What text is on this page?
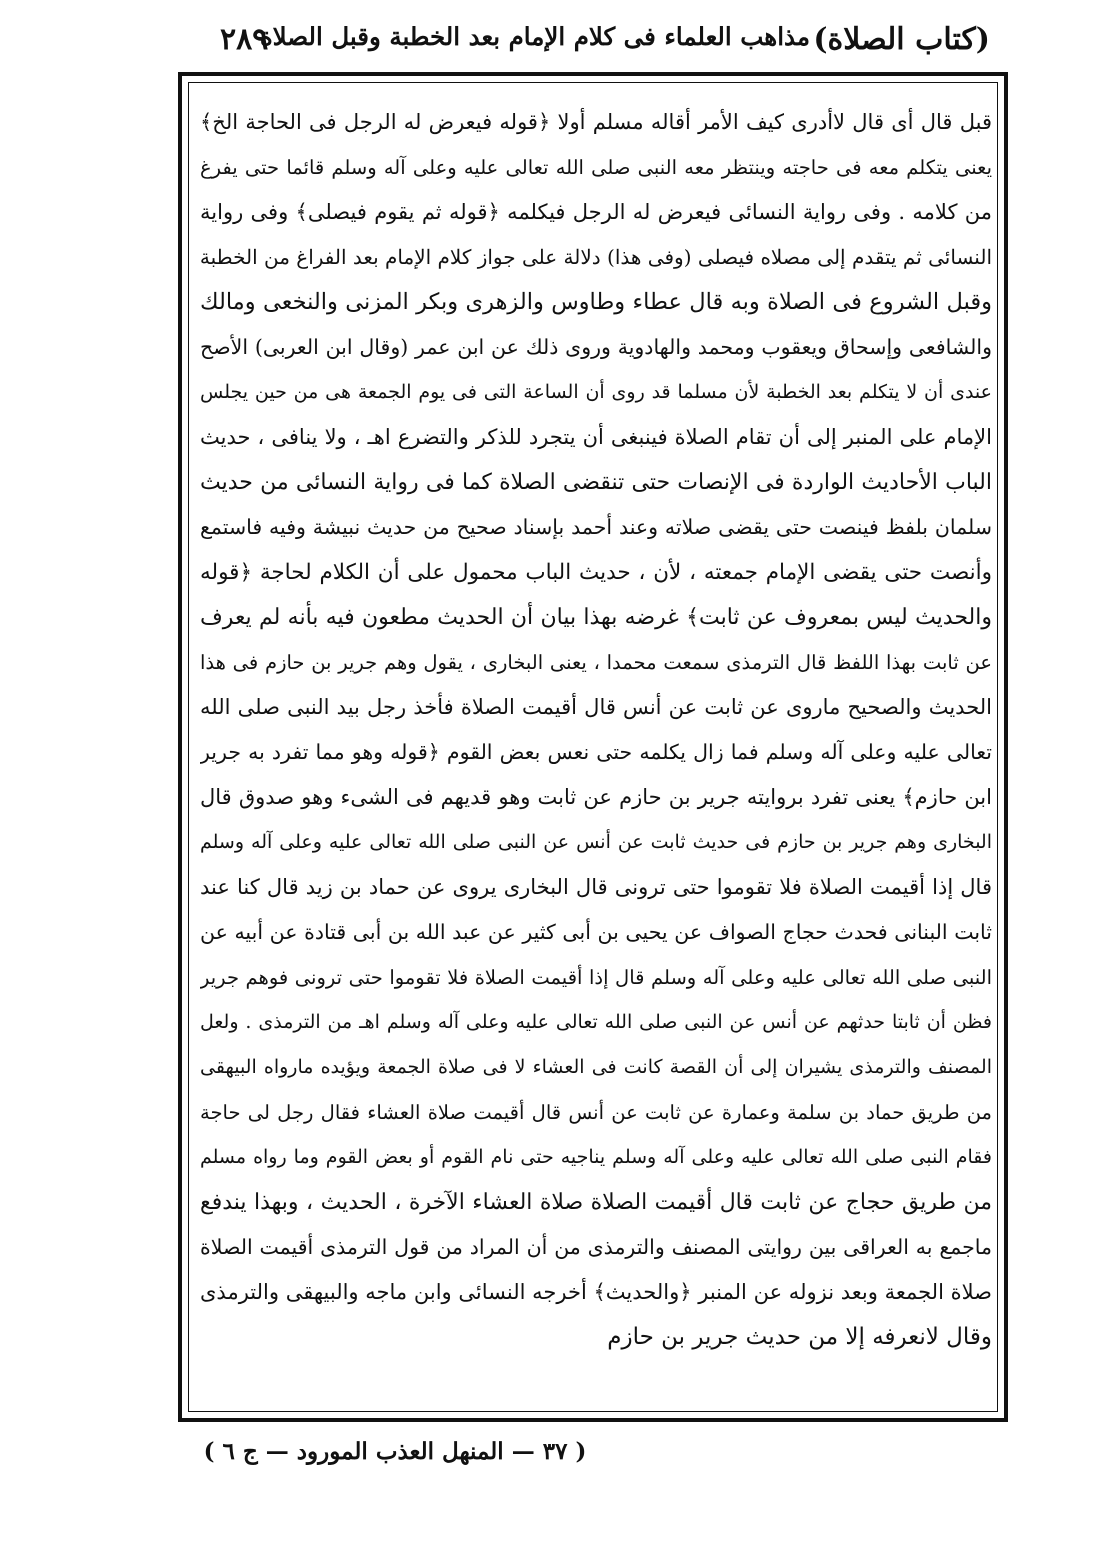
(كتاب الصلاة)
مذاهب العلماء فى كلام الإمام بعد الخطبة وقبل الصلاة
٢٨٩
قبل قال أى قال لاأدرى كيف الأمر أقاله مسلم أولا ﴿قوله فيعرض له الرجل فى الحاجة الخ﴾
يعنى يتكلم معه فى حاجته وينتظر معه النبى صلى الله تعالى عليه وعلى آله وسلم قائما حتى يفرغ
من كلامه . وفى رواية النسائى فيعرض له الرجل فيكلمه ﴿قوله ثم يقوم فيصلى﴾ وفى رواية
النسائى ثم يتقدم إلى مصلاه فيصلى (وفى هذا) دلالة على جواز كلام الإمام بعد الفراغ من الخطبة
وقبل الشروع فى الصلاة وبه قال عطاء وطاوس والزهرى وبكر المزنى والنخعى ومالك
والشافعى وإسحاق ويعقوب ومحمد والهادوية وروى ذلك عن ابن عمر (وقال ابن العربى) الأصح
عندى أن لا يتكلم بعد الخطبة لأن مسلما قد روى أن الساعة التى فى يوم الجمعة هى من حين يجلس
الإمام على المنبر إلى أن تقام الصلاة فينبغى أن يتجرد للذكر والتضرع اهـ ، ولا ينافى ، حديث
الباب الأحاديث الواردة فى الإنصات حتى تنقضى الصلاة كما فى رواية النسائى من حديث
سلمان بلفظ فينصت حتى يقضى صلاته وعند أحمد بإسناد صحيح من حديث نبيشة وفيه فاستمع
وأنصت حتى يقضى الإمام جمعته ، لأن ، حديث الباب محمول على أن الكلام لحاجة ﴿قوله
والحديث ليس بمعروف عن ثابت﴾ غرضه بهذا بيان أن الحديث مطعون فيه بأنه لم يعرف
عن ثابت بهذا اللفظ قال الترمذى سمعت محمدا ، يعنى البخارى ، يقول وهم جرير بن حازم فى هذا
الحديث والصحيح ماروى عن ثابت عن أنس قال أقيمت الصلاة فأخذ رجل بيد النبى صلى الله
تعالى عليه وعلى آله وسلم فما زال يكلمه حتى نعس بعض القوم ﴿قوله وهو مما تفرد به جرير
ابن حازم﴾ يعنى تفرد بروايته جرير بن حازم عن ثابت وهو قديهم فى الشىء وهو صدوق قال
البخارى وهم جرير بن حازم فى حديث ثابت عن أنس عن النبى صلى الله تعالى عليه وعلى آله وسلم
قال إذا أقيمت الصلاة فلا تقوموا حتى ترونى قال البخارى يروى عن حماد بن زيد قال كنا عند
ثابت البنانى فحدث حجاج الصواف عن يحيى بن أبى كثير عن عبد الله بن أبى قتادة عن أبيه عن
النبى صلى الله تعالى عليه وعلى آله وسلم قال إذا أقيمت الصلاة فلا تقوموا حتى ترونى فوهم جرير
فظن أن ثابتا حدثهم عن أنس عن النبى صلى الله تعالى عليه وعلى آله وسلم اهـ من الترمذى . ولعل
المصنف والترمذى يشيران إلى أن القصة كانت فى العشاء لا فى صلاة الجمعة ويؤيده مارواه البيهقى
من طريق حماد بن سلمة وعمارة عن ثابت عن أنس قال أقيمت صلاة العشاء فقال رجل لى حاجة
فقام النبى صلى الله تعالى عليه وعلى آله وسلم يناجيه حتى نام القوم أو بعض القوم وما رواه مسلم
من طريق حجاج عن ثابت قال أقيمت الصلاة صلاة العشاء الآخرة ، الحديث ، وبهذا يندفع
ماجمع به العراقى بين روايتى المصنف والترمذى من أن المراد من قول الترمذى أقيمت الصلاة
صلاة الجمعة وبعد نزوله عن المنبر ﴿والحديث﴾ أخرجه النسائى وابن ماجه والبيهقى والترمذى
وقال لانعرفه إلا من حديث جرير بن حازم
( ٣٧ — المنهل العذب المورود — ج ٦ )
